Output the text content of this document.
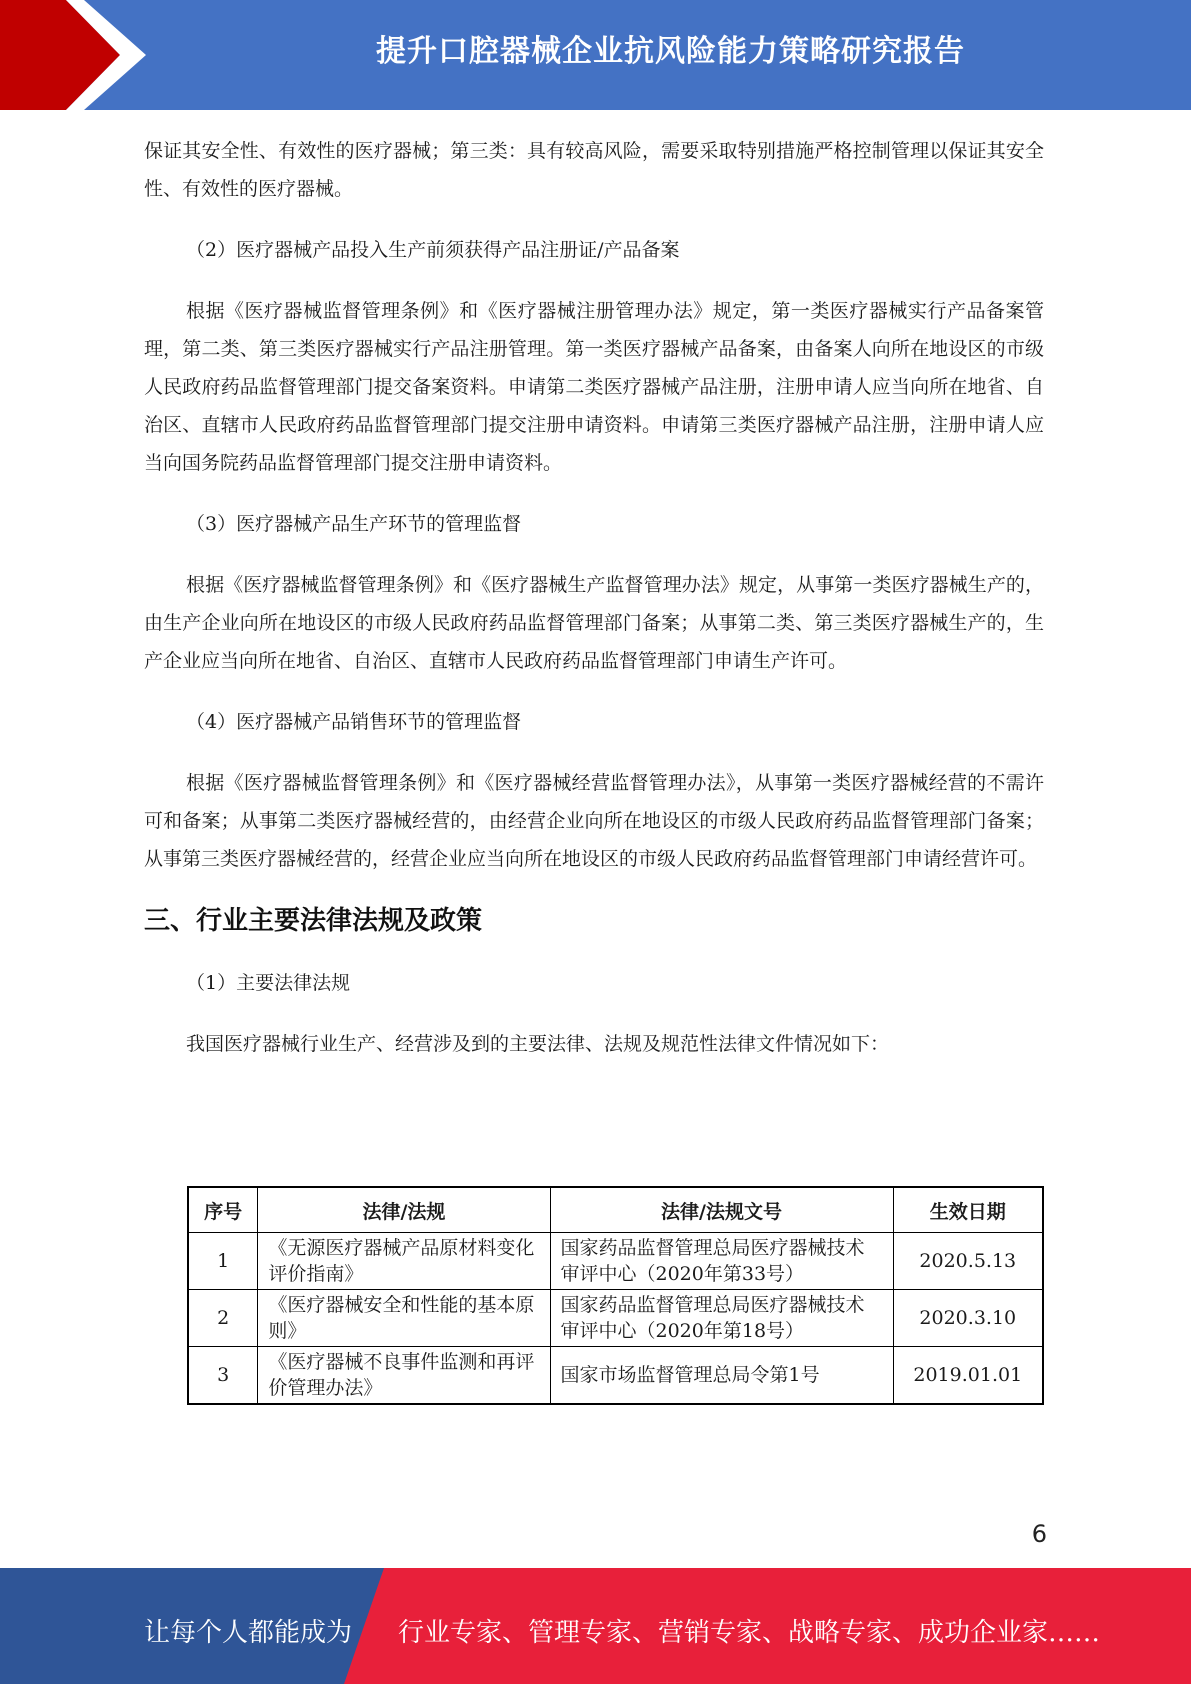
提升口腔器械企业抗风险能力策略研究报告

保证其安全性、有效性的医疗器械；第三类：具有较高风险，需要采取特别措施严格控制管理以保证其安全性、有效性的医疗器械。

（2）医疗器械产品投入生产前须获得产品注册证/产品备案

根据《医疗器械监督管理条例》和《医疗器械注册管理办法》规定，第一类医疗器械实行产品备案管理，第二类、第三类医疗器械实行产品注册管理。第一类医疗器械产品备案，由备案人向所在地设区的市级人民政府药品监督管理部门提交备案资料。申请第二类医疗器械产品注册，注册申请人应当向所在地省、自治区、直辖市人民政府药品监督管理部门提交注册申请资料。申请第三类医疗器械产品注册，注册申请人应当向国务院药品监督管理部门提交注册申请资料。

（3）医疗器械产品生产环节的管理监督

根据《医疗器械监督管理条例》和《医疗器械生产监督管理办法》规定，从事第一类医疗器械生产的，由生产企业向所在地设区的市级人民政府药品监督管理部门备案；从事第二类、第三类医疗器械生产的，生产企业应当向所在地省、自治区、直辖市人民政府药品监督管理部门申请生产许可。

（4）医疗器械产品销售环节的管理监督

根据《医疗器械监督管理条例》和《医疗器械经营监督管理办法》，从事第一类医疗器械经营的不需许可和备案；从事第二类医疗器械经营的，由经营企业向所在地设区的市级人民政府药品监督管理部门备案；从事第三类医疗器械经营的，经营企业应当向所在地设区的市级人民政府药品监督管理部门申请经营许可。

三、行业主要法律法规及政策

（1）主要法律法规

我国医疗器械行业生产、经营涉及到的主要法律、法规及规范性法律文件情况如下：

序号	法律/法规	法律/法规文号	生效日期
1	《无源医疗器械产品原材料变化评价指南》	国家药品监督管理总局医疗器械技术审评中心（2020年第33号）	2020.5.13
2	《医疗器械安全和性能的基本原则》	国家药品监督管理总局医疗器械技术审评中心（2020年第18号）	2020.3.10
3	《医疗器械不良事件监测和再评价管理办法》	国家市场监督管理总局令第1号	2019.01.01
6
让每个人都能成为 行业专家、管理专家、营销专家、战略专家、成功企业家……
